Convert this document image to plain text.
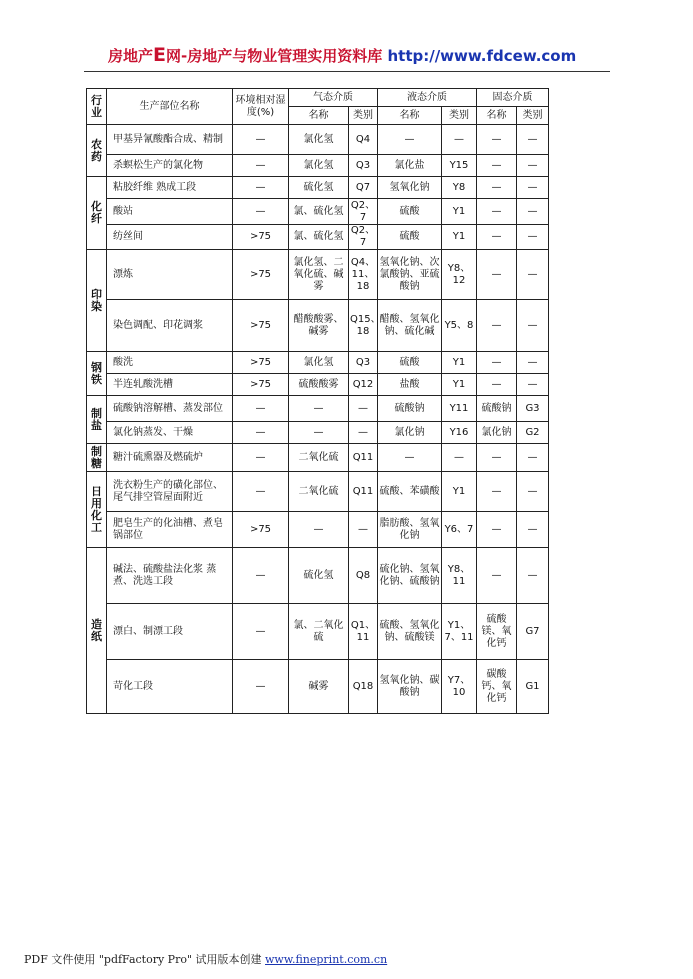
房地产E网-房地产与物业管理实用资料库 http://www.fdcew.com
行业	生产部位名称	环境相对湿度(%)	气态介质		液态介质		固态介质	
			名称	类别	名称	类别	名称	类别
农药	甲基异氰酸酯合成、精制	—	氯化氢	Q4	—	—	—	—
	杀螟松生产的氯化物	—	氯化氢	Q3	氯化盐	Y15	—	—
化纤	粘胶纤维 熟成工段	—	硫化氢	Q7	氢氧化钠	Y8	—	—
	酸站	—	氯、硫化氢	Q2、7	硫酸	Y1	—	—
	纺丝间	>75	氯、硫化氢	Q2、7	硫酸	Y1	—	—
印染	漂炼	>75	氯化氢、二氧化硫、碱雾	Q4、11、18	氢氧化钠、次氯酸钠、亚硫酸钠	Y8、12	—	—
	染色调配、印花调浆	>75	醋酸酸雾、碱雾	Q15、18	醋酸、氢氧化钠、硫化碱	Y5、8	—	—
钢铁	酸洗	>75	氯化氢	Q3	硫酸	Y1	—	—
	半连轧酸洗槽	>75	硫酸酸雾	Q12	盐酸	Y1	—	—
制盐	硫酸钠溶解槽、蒸发部位	—	—	—	硫酸钠	Y11	硫酸钠	G3
	氯化钠蒸发、干燥	—	—	—	氯化钠	Y16	氯化钠	G2
制糖	糖汁硫熏器及燃硫炉	—	二氧化硫	Q11	—	—	—	—
日用化工	洗衣粉生产的磺化部位、尾气排空管屋面附近	—	二氧化硫	Q11	硫酸、苯磺酸	Y1	—	—
	肥皂生产的化油槽、煮皂锅部位	>75	—	—	脂肪酸、氢氧化钠	Y6、7	—	—
造纸	碱法、硫酸盐法化浆 蒸煮、洗选工段	—	硫化氢	Q8	硫化钠、氢氧化钠、硫酸钠	Y8、11	—	—
	漂白、制漂工段	—	氯、二氧化硫	Q1、11	硫酸、氢氧化钠、硫酸镁	Y1、7、11	硫酸镁、氧化钙	G7
	苛化工段	—	碱雾	Q18	氢氧化钠、碳酸钠	Y7、10	碳酸钙、氧化钙	G1
PDF 文件使用 "pdfFactory Pro" 试用版本创建 www.fineprint.com.cn
